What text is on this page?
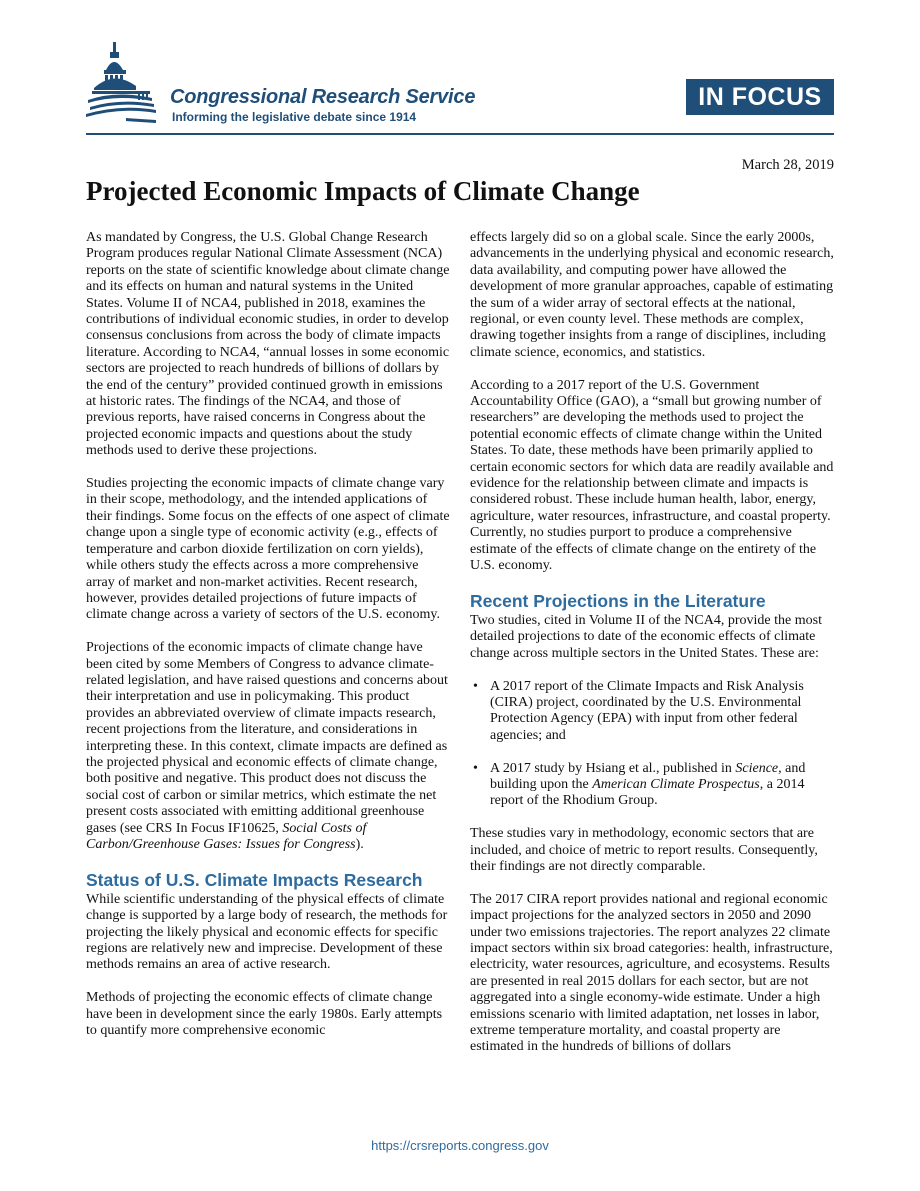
Congressional Research Service
Informing the legislative debate since 1914
IN FOCUS
March 28, 2019
Projected Economic Impacts of Climate Change

As mandated by Congress, the U.S. Global Change Research Program produces regular National Climate Assessment (NCA) reports on the state of scientific knowledge about climate change and its effects on human and natural systems in the United States. Volume II of NCA4, published in 2018, examines the contributions of individual economic studies, in order to develop consensus conclusions from across the body of climate impacts literature. According to NCA4, “annual losses in some economic sectors are projected to reach hundreds of billions of dollars by the end of the century” provided continued growth in emissions at historic rates. The findings of the NCA4, and those of previous reports, have raised concerns in Congress about the projected economic impacts and questions about the study methods used to derive these projections.

Studies projecting the economic impacts of climate change vary in their scope, methodology, and the intended applications of their findings. Some focus on the effects of one aspect of climate change upon a single type of economic activity (e.g., effects of temperature and carbon dioxide fertilization on corn yields), while others study the effects across a more comprehensive array of market and non-market activities. Recent research, however, provides detailed projections of future impacts of climate change across a variety of sectors of the U.S. economy.

Projections of the economic impacts of climate change have been cited by some Members of Congress to advance climate-related legislation, and have raised questions and concerns about their interpretation and use in policymaking. This product provides an abbreviated overview of climate impacts research, recent projections from the literature, and considerations in interpreting these. In this context, climate impacts are defined as the projected physical and economic effects of climate change, both positive and negative. This product does not discuss the social cost of carbon or similar metrics, which estimate the net present costs associated with emitting additional greenhouse gases (see CRS In Focus IF10625, Social Costs of Carbon/Greenhouse Gases: Issues for Congress).

Status of U.S. Climate Impacts Research

While scientific understanding of the physical effects of climate change is supported by a large body of research, the methods for projecting the likely physical and economic effects for specific regions are relatively new and imprecise. Development of these methods remains an area of active research.

Methods of projecting the economic effects of climate change have been in development since the early 1980s. Early attempts to quantify more comprehensive economic

effects largely did so on a global scale. Since the early 2000s, advancements in the underlying physical and economic research, data availability, and computing power have allowed the development of more granular approaches, capable of estimating the sum of a wider array of sectoral effects at the national, regional, or even county level. These methods are complex, drawing together insights from a range of disciplines, including climate science, economics, and statistics.

According to a 2017 report of the U.S. Government Accountability Office (GAO), a “small but growing number of researchers” are developing the methods used to project the potential economic effects of climate change within the United States. To date, these methods have been primarily applied to certain economic sectors for which data are readily available and evidence for the relationship between climate and impacts is considered robust. These include human health, labor, energy, agriculture, water resources, infrastructure, and coastal property. Currently, no studies purport to produce a comprehensive estimate of the effects of climate change on the entirety of the U.S. economy.

Recent Projections in the Literature

Two studies, cited in Volume II of the NCA4, provide the most detailed projections to date of the economic effects of climate change across multiple sectors in the United States. These are:

• A 2017 report of the Climate Impacts and Risk Analysis (CIRA) project, coordinated by the U.S. Environmental Protection Agency (EPA) with input from other federal agencies; and
• A 2017 study by Hsiang et al., published in Science, and building upon the American Climate Prospectus, a 2014 report of the Rhodium Group.

These studies vary in methodology, economic sectors that are included, and choice of metric to report results. Consequently, their findings are not directly comparable.

The 2017 CIRA report provides national and regional economic impact projections for the analyzed sectors in 2050 and 2090 under two emissions trajectories. The report analyzes 22 climate impact sectors within six broad categories: health, infrastructure, electricity, water resources, agriculture, and ecosystems. Results are presented in real 2015 dollars for each sector, but are not aggregated into a single economy-wide estimate. Under a high emissions scenario with limited adaptation, net losses in labor, extreme temperature mortality, and coastal property are estimated in the hundreds of billions of dollars

https://crsreports.congress.gov
